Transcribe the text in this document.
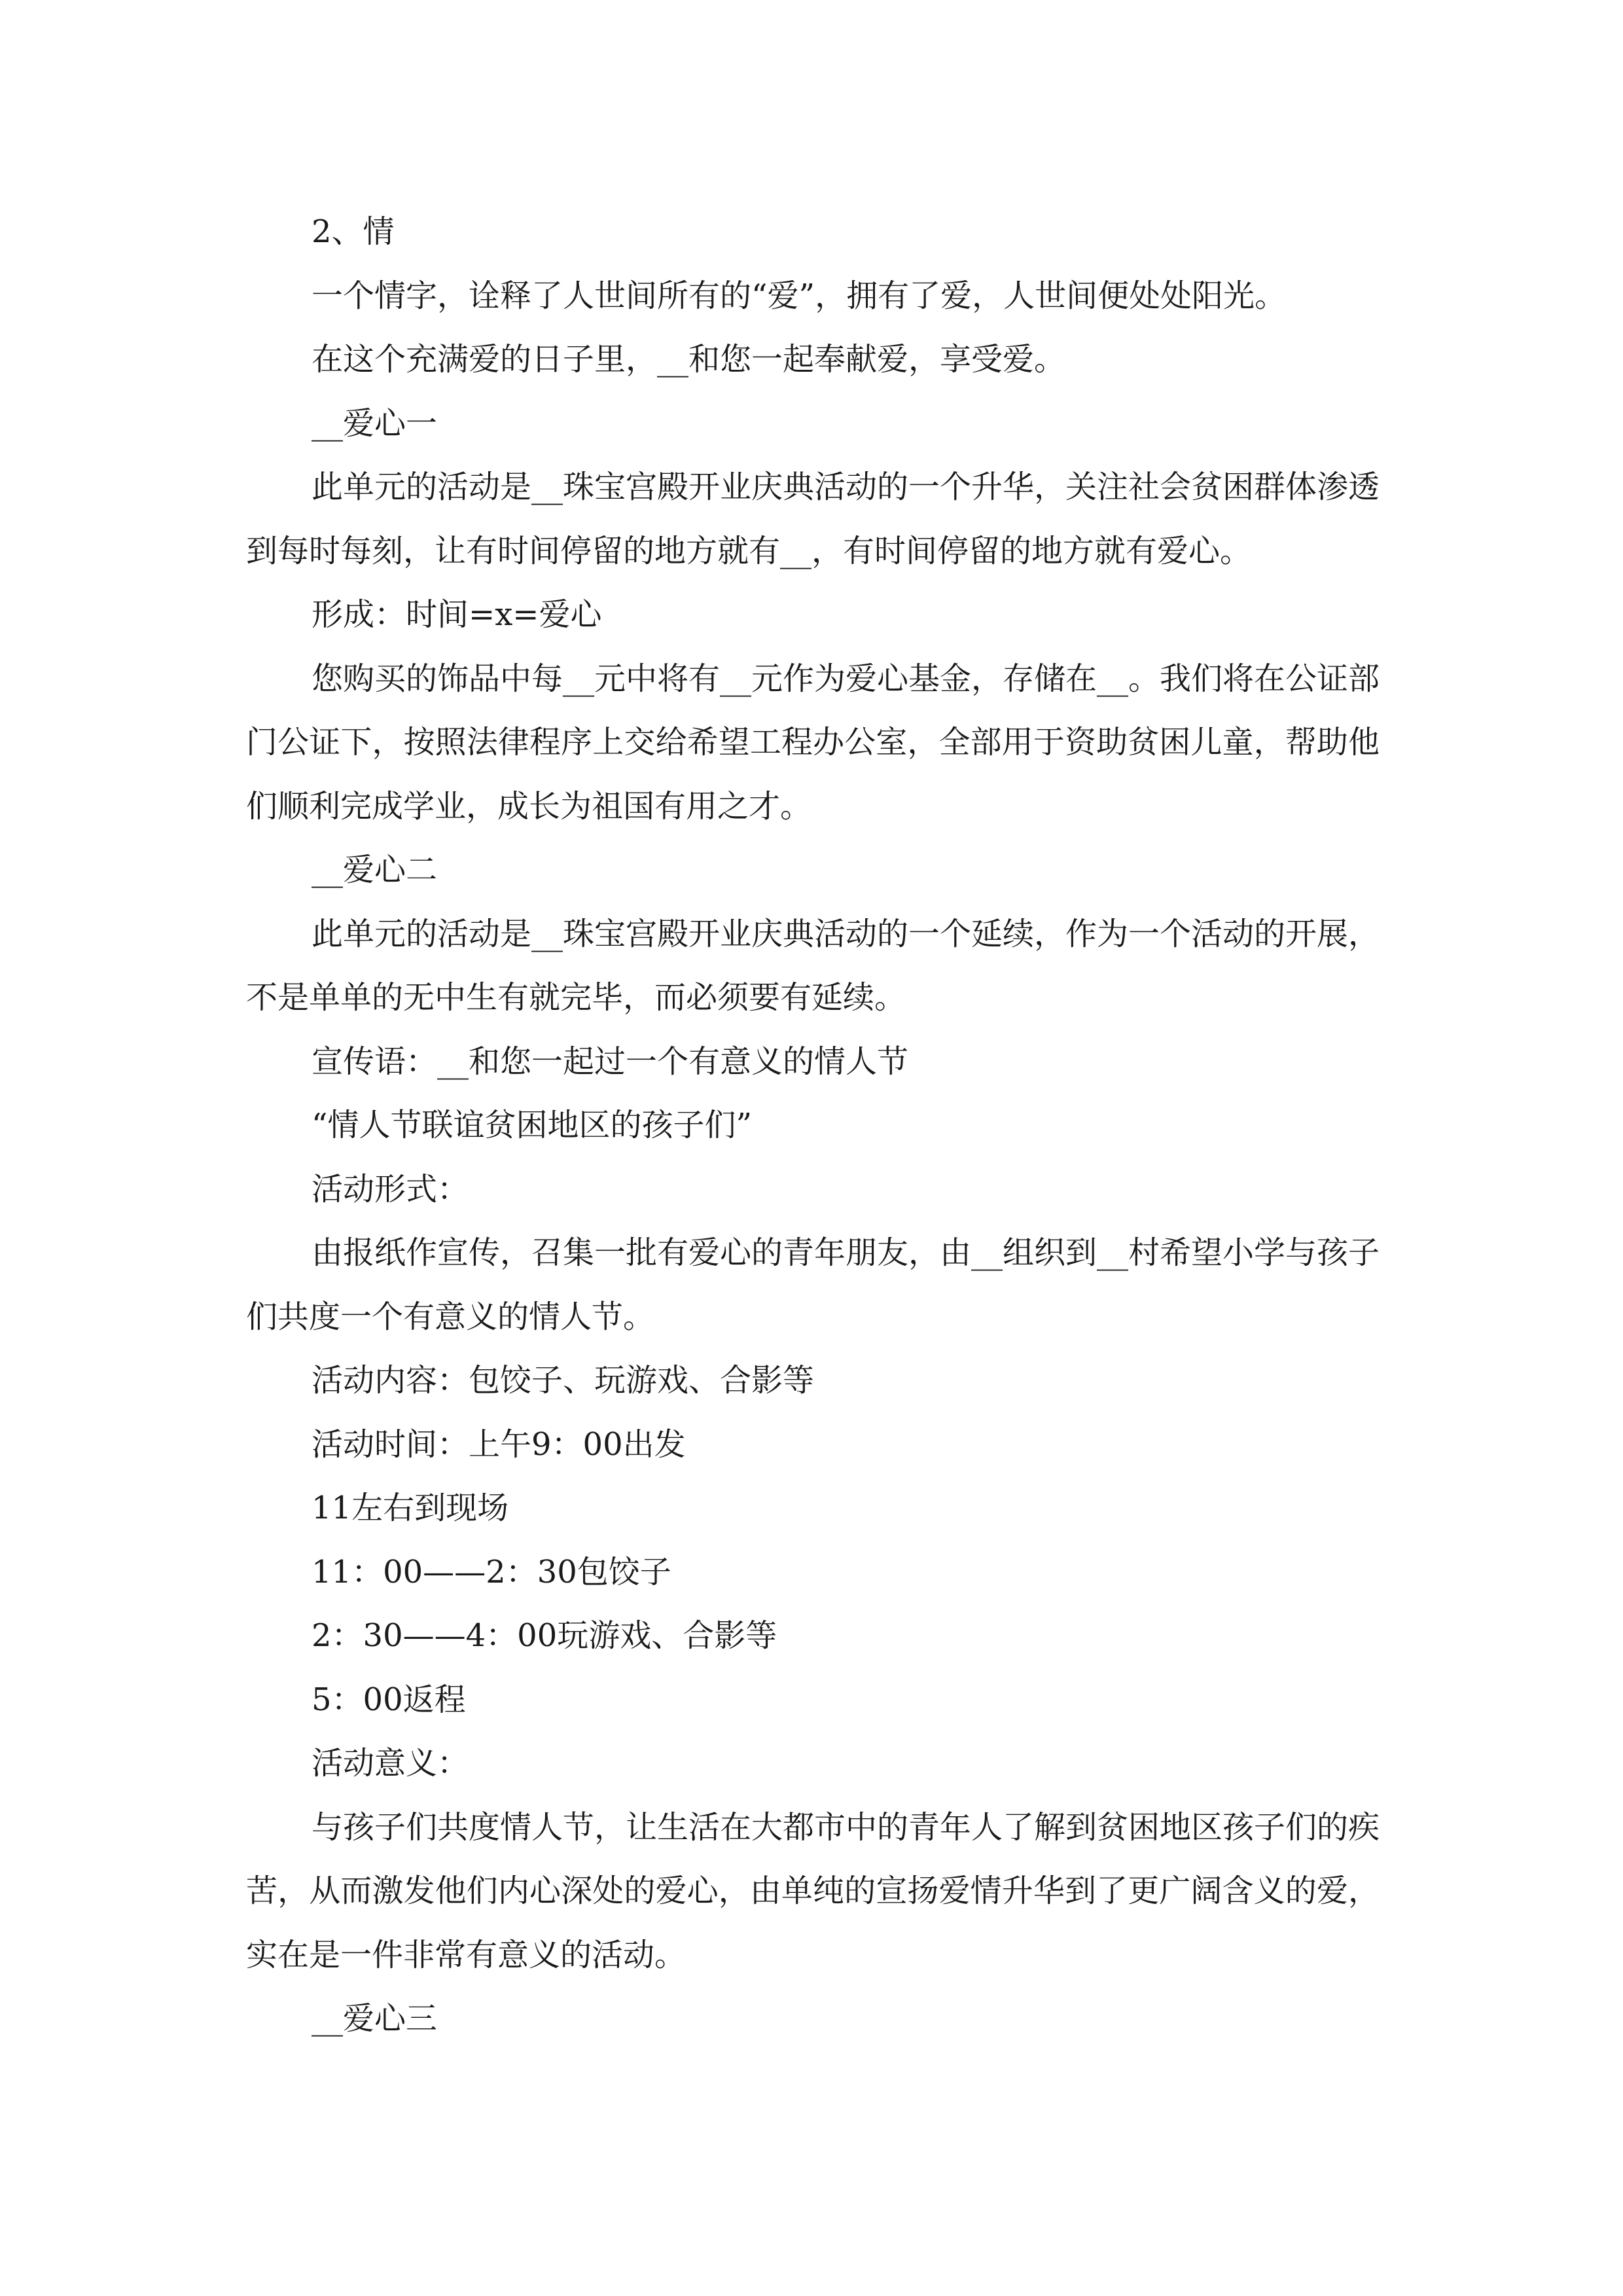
2、情

一个情字，诠释了人世间所有的“爱”，拥有了爱，人世间便处处阳光。

在这个充满爱的日子里，__和您一起奉献爱，享受爱。

__爱心一

此单元的活动是__珠宝宫殿开业庆典活动的一个升华，关注社会贫困群体渗透到每时每刻，让有时间停留的地方就有__，有时间停留的地方就有爱心。

形成：时间=x=爱心

您购买的饰品中每__元中将有__元作为爱心基金，存储在__。我们将在公证部门公证下，按照法律程序上交给希望工程办公室，全部用于资助贫困儿童，帮助他们顺利完成学业，成长为祖国有用之才。

__爱心二

此单元的活动是__珠宝宫殿开业庆典活动的一个延续，作为一个活动的开展，不是单单的无中生有就完毕，而必须要有延续。

宣传语：__和您一起过一个有意义的情人节

“情人节联谊贫困地区的孩子们”

活动形式：

由报纸作宣传，召集一批有爱心的青年朋友，由__组织到__村希望小学与孩子们共度一个有意义的情人节。

活动内容：包饺子、玩游戏、合影等

活动时间：上午9：00出发

11左右到现场

11：00——2：30包饺子

2：30——4：00玩游戏、合影等

5：00返程

活动意义：

与孩子们共度情人节，让生活在大都市中的青年人了解到贫困地区孩子们的疾苦，从而激发他们内心深处的爱心，由单纯的宣扬爱情升华到了更广阔含义的爱，实在是一件非常有意义的活动。

__爱心三
